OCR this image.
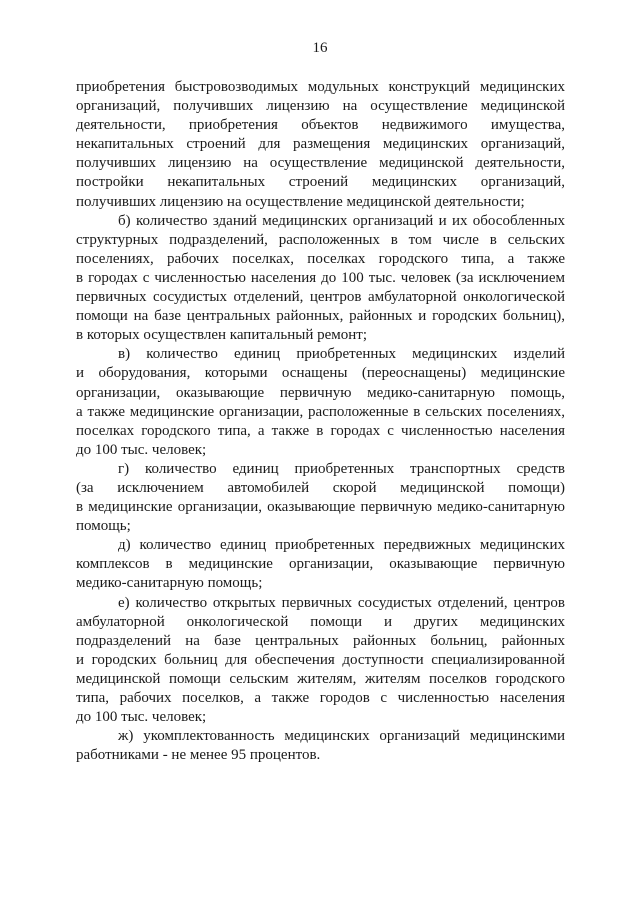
16
приобретения быстровозводимых модульных конструкций медицинских
организаций, получивших лицензию на осуществление медицинской
деятельности, приобретения объектов недвижимого имущества,
некапитальных строений для размещения медицинских организаций,
получивших лицензию на осуществление медицинской деятельности,
постройки некапитальных строений медицинских организаций,
получивших лицензию на осуществление медицинской деятельности;
б) количество зданий медицинских организаций и их обособленных
структурных подразделений, расположенных в том числе в сельских
поселениях, рабочих поселках, поселках городского типа, а также
в городах с численностью населения до 100 тыс. человек (за исключением
первичных сосудистых отделений, центров амбулаторной онкологической
помощи на базе центральных районных, районных и городских больниц),
в которых осуществлен капитальный ремонт;
в) количество единиц приобретенных медицинских изделий
и оборудования, которыми оснащены (переоснащены) медицинские
организации, оказывающие первичную медико-санитарную помощь,
а также медицинские организации, расположенные в сельских поселениях,
поселках городского типа, а также в городах с численностью населения
до 100 тыс. человек;
г) количество единиц приобретенных транспортных средств
(за исключением автомобилей скорой медицинской помощи)
в медицинские организации, оказывающие первичную медико-санитарную
помощь;
д) количество единиц приобретенных передвижных медицинских
комплексов в медицинские организации, оказывающие первичную
медико-санитарную помощь;
е) количество открытых первичных сосудистых отделений, центров
амбулаторной онкологической помощи и других медицинских
подразделений на базе центральных районных больниц, районных
и городских больниц для обеспечения доступности специализированной
медицинской помощи сельским жителям, жителям поселков городского
типа, рабочих поселков, а также городов с численностью населения
до 100 тыс. человек;
ж) укомплектованность медицинских организаций медицинскими
работниками - не менее 95 процентов.
